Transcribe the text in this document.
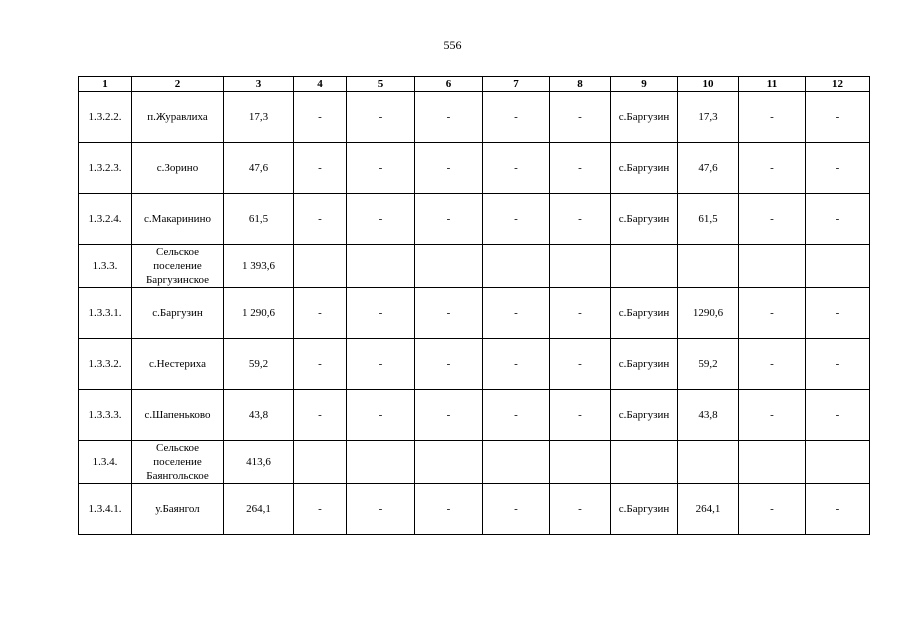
556
1	2	3	4	5	6	7	8	9	10	11	12
1.3.2.2.	п.Журавлиха	17,3	-	-	-	-	-	с.Баргузин	17,3	-	-
1.3.2.3.	с.Зорино	47,6	-	-	-	-	-	с.Баргузин	47,6	-	-
1.3.2.4.	с.Макаринино	61,5	-	-	-	-	-	с.Баргузин	61,5	-	-
1.3.3.	Сельское поселение Баргузинское	1 393,6									
1.3.3.1.	с.Баргузин	1 290,6	-	-	-	-	-	с.Баргузин	1290,6	-	-
1.3.3.2.	с.Нестериха	59,2	-	-	-	-	-	с.Баргузин	59,2	-	-
1.3.3.3.	с.Шапеньково	43,8	-	-	-	-	-	с.Баргузин	43,8	-	-
1.3.4.	Сельское поселение Баянгольское	413,6									
1.3.4.1.	у.Баянгол	264,1	-	-	-	-	-	с.Баргузин	264,1	-	-
